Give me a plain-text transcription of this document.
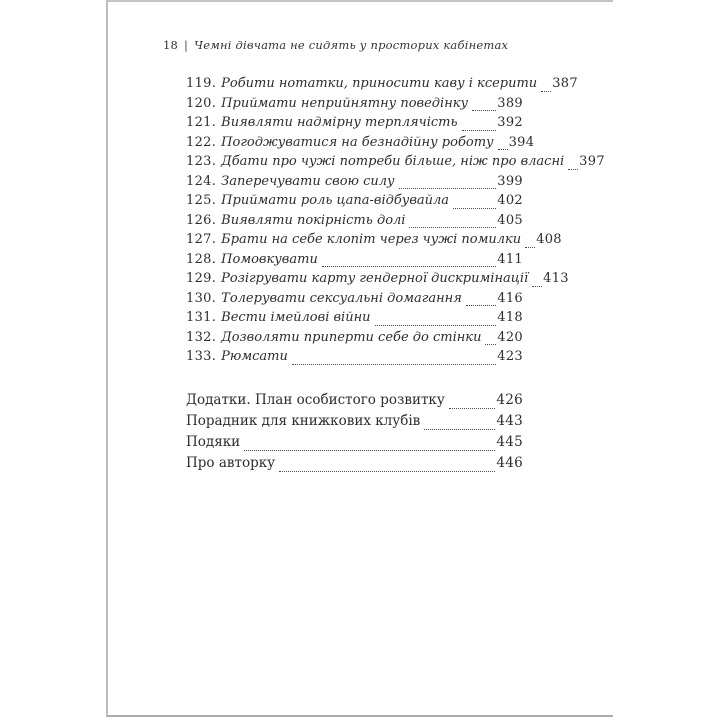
18 | Чемні дівчата не сидять у просторих кабінетах
119. Робити нотатки, приносити каву і ксерити 387
120. Приймати неприйнятну поведінку 389
121. Виявляти надмірну терплячість	392
122. Погоджуватися на безнадійну роботу 394
123. Дбати про чужі потреби більше, ніж про власні 397
124. Заперечувати свою силу	399
125. Приймати роль цапа-відбувайла	402
126. Виявляти покірність долі	405
127. Брати на себе клопіт через чужі помилки 408
128. Помовкувати	411
129. Розігрувати карту гендерної дискримінації 413
130. Толерувати сексуальні домагання	416
131. Вести імейлові війни	418
132. Дозволяти приперти себе до стінки 420
133. Рюмсати	423
Додатки. План особистого розвитку	426
Порадник для книжкових клубів	443
Подяки	445
Про авторку	446
